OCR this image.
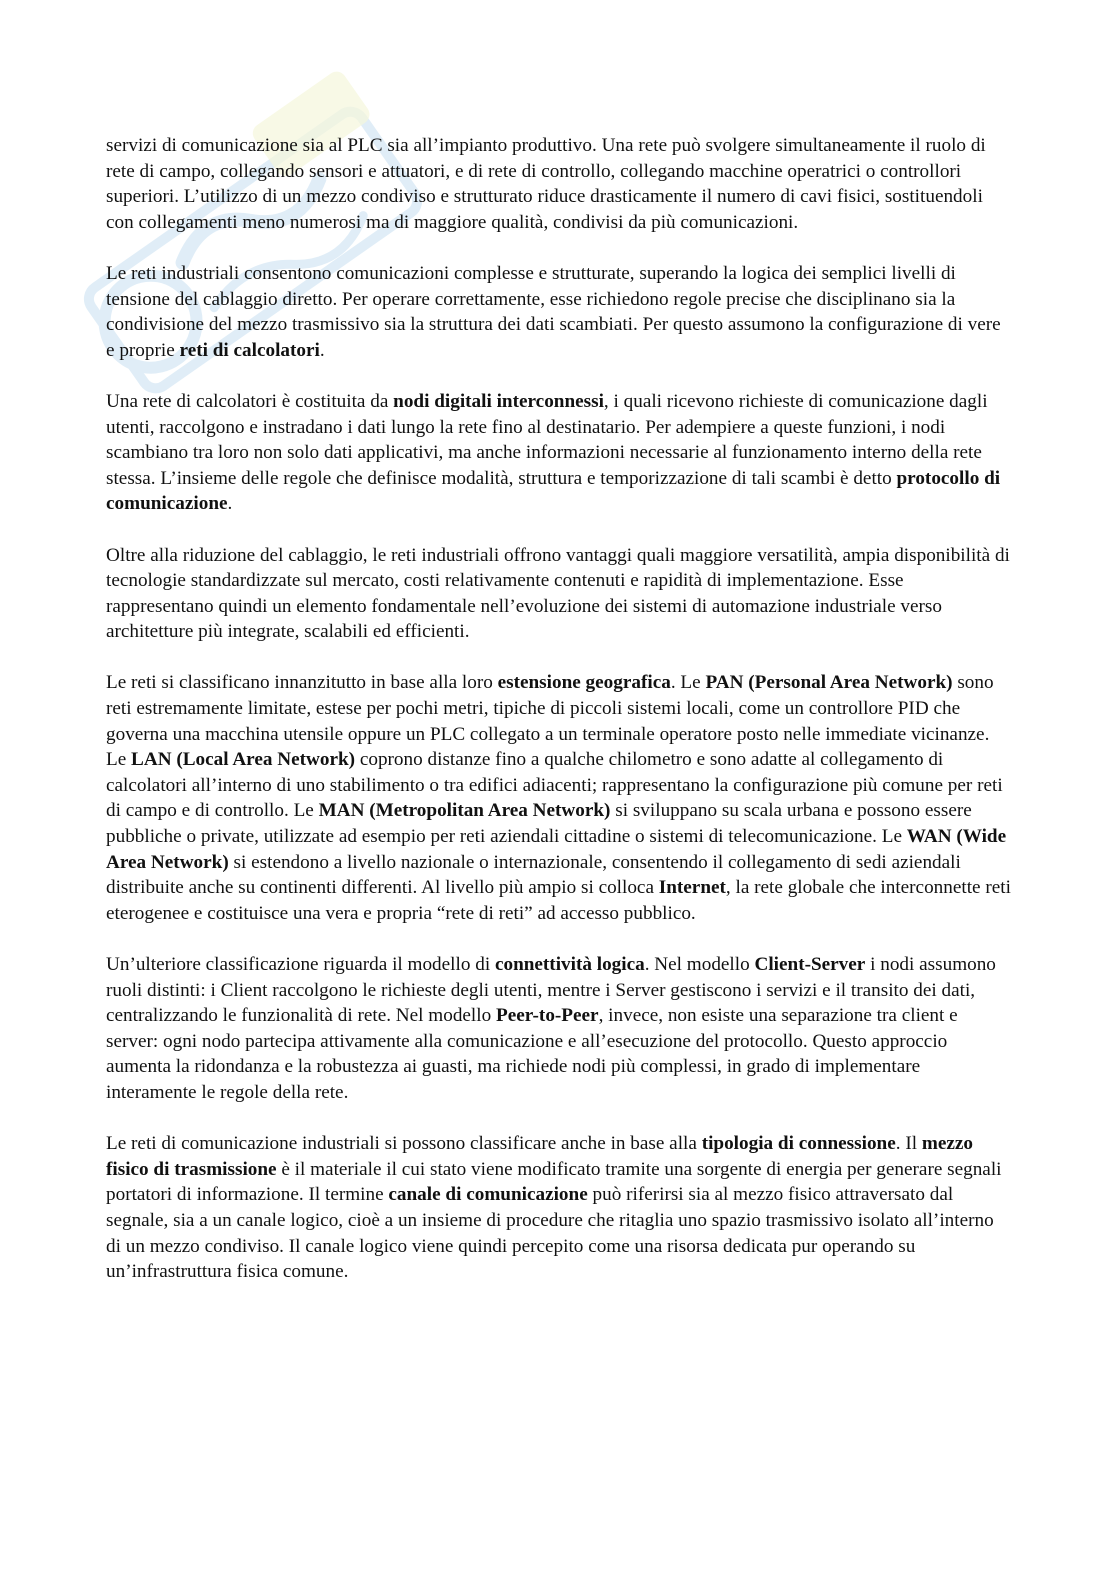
servizi di comunicazione sia al PLC sia all’impianto produttivo. Una rete può svolgere simultaneamente il ruolo di rete di campo, collegando sensori e attuatori, e di rete di controllo, collegando macchine operatrici o controllori superiori. L’utilizzo di un mezzo condiviso e strutturato riduce drasticamente il numero di cavi fisici, sostituendoli con collegamenti meno numerosi ma di maggiore qualità, condivisi da più comunicazioni.

Le reti industriali consentono comunicazioni complesse e strutturate, superando la logica dei semplici livelli di tensione del cablaggio diretto. Per operare correttamente, esse richiedono regole precise che disciplinano sia la condivisione del mezzo trasmissivo sia la struttura dei dati scambiati. Per questo assumono la configurazione di vere e proprie reti di calcolatori.

Una rete di calcolatori è costituita da nodi digitali interconnessi, i quali ricevono richieste di comunicazione dagli utenti, raccolgono e instradano i dati lungo la rete fino al destinatario. Per adempiere a queste funzioni, i nodi scambiano tra loro non solo dati applicativi, ma anche informazioni necessarie al funzionamento interno della rete stessa. L’insieme delle regole che definisce modalità, struttura e temporizzazione di tali scambi è detto protocollo di comunicazione.

Oltre alla riduzione del cablaggio, le reti industriali offrono vantaggi quali maggiore versatilità, ampia disponibilità di tecnologie standardizzate sul mercato, costi relativamente contenuti e rapidità di implementazione. Esse rappresentano quindi un elemento fondamentale nell’evoluzione dei sistemi di automazione industriale verso architetture più integrate, scalabili ed efficienti.

Le reti si classificano innanzitutto in base alla loro estensione geografica. Le PAN (Personal Area Network) sono reti estremamente limitate, estese per pochi metri, tipiche di piccoli sistemi locali, come un controllore PID che governa una macchina utensile oppure un PLC collegato a un terminale operatore posto nelle immediate vicinanze. Le LAN (Local Area Network) coprono distanze fino a qualche chilometro e sono adatte al collegamento di calcolatori all’interno di uno stabilimento o tra edifici adiacenti; rappresentano la configurazione più comune per reti di campo e di controllo. Le MAN (Metropolitan Area Network) si sviluppano su scala urbana e possono essere pubbliche o private, utilizzate ad esempio per reti aziendali cittadine o sistemi di telecomunicazione. Le WAN (Wide Area Network) si estendono a livello nazionale o internazionale, consentendo il collegamento di sedi aziendali distribuite anche su continenti differenti. Al livello più ampio si colloca Internet, la rete globale che interconnette reti eterogenee e costituisce una vera e propria “rete di reti” ad accesso pubblico.

Un’ulteriore classificazione riguarda il modello di connettività logica. Nel modello Client-Server i nodi assumono ruoli distinti: i Client raccolgono le richieste degli utenti, mentre i Server gestiscono i servizi e il transito dei dati, centralizzando le funzionalità di rete. Nel modello Peer-to-Peer, invece, non esiste una separazione tra client e server: ogni nodo partecipa attivamente alla comunicazione e all’esecuzione del protocollo. Questo approccio aumenta la ridondanza e la robustezza ai guasti, ma richiede nodi più complessi, in grado di implementare interamente le regole della rete.

Le reti di comunicazione industriali si possono classificare anche in base alla tipologia di connessione. Il mezzo fisico di trasmissione è il materiale il cui stato viene modificato tramite una sorgente di energia per generare segnali portatori di informazione. Il termine canale di comunicazione può riferirsi sia al mezzo fisico attraversato dal segnale, sia a un canale logico, cioè a un insieme di procedure che ritaglia uno spazio trasmissivo isolato all’interno di un mezzo condiviso. Il canale logico viene quindi percepito come una risorsa dedicata pur operando su un’infrastruttura fisica comune.
